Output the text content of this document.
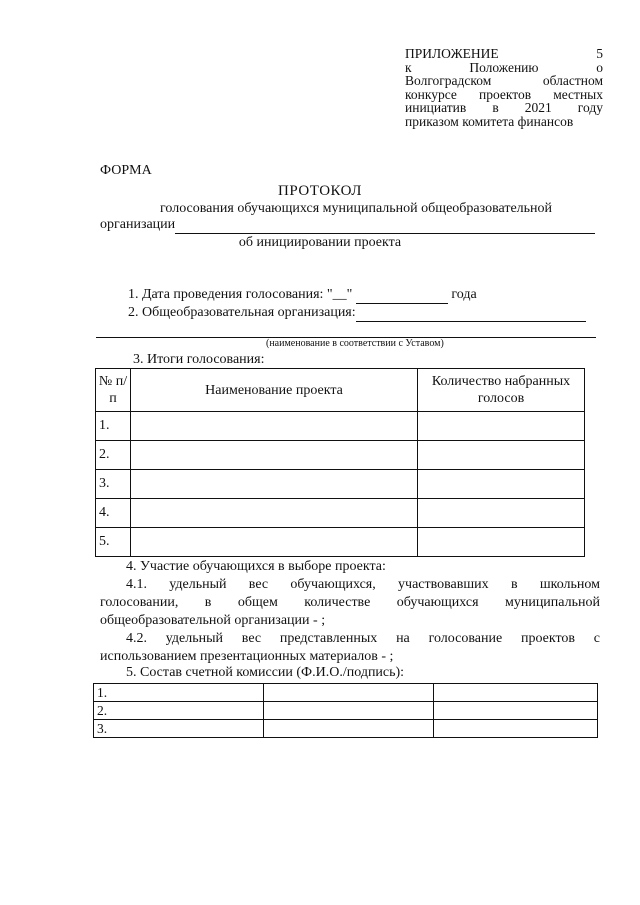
ПРИЛОЖЕНИЕ 5
к Положению о
Волгоградском областном
конкурсе проектов местных
инициатив в 2021 году
приказом комитета финансов
ФОРМА
ПРОТОКОЛ
голосования обучающихся муниципальной общеобразовательной
организации
об инициировании проекта
1. Дата проведения голосования: "__"	года
2. Общеобразовательная организация:
(наименование в соответствии с Уставом)
3. Итоги голосования:
№ п/п	Наименование проекта	Количество набранных голосов
1.		
2.		
3.		
4.		
5.		
4. Участие обучающихся в выборе проекта:
4.1. удельный вес обучающихся, участвовавших в школьном
голосовании, в общем количестве обучающихся муниципальной
общеобразовательной организации - ;
4.2. удельный вес представленных на голосование проектов с
использованием презентационных материалов - ;
5. Состав счетной комиссии (Ф.И.О./подпись):
1.		
2.		
3.		
